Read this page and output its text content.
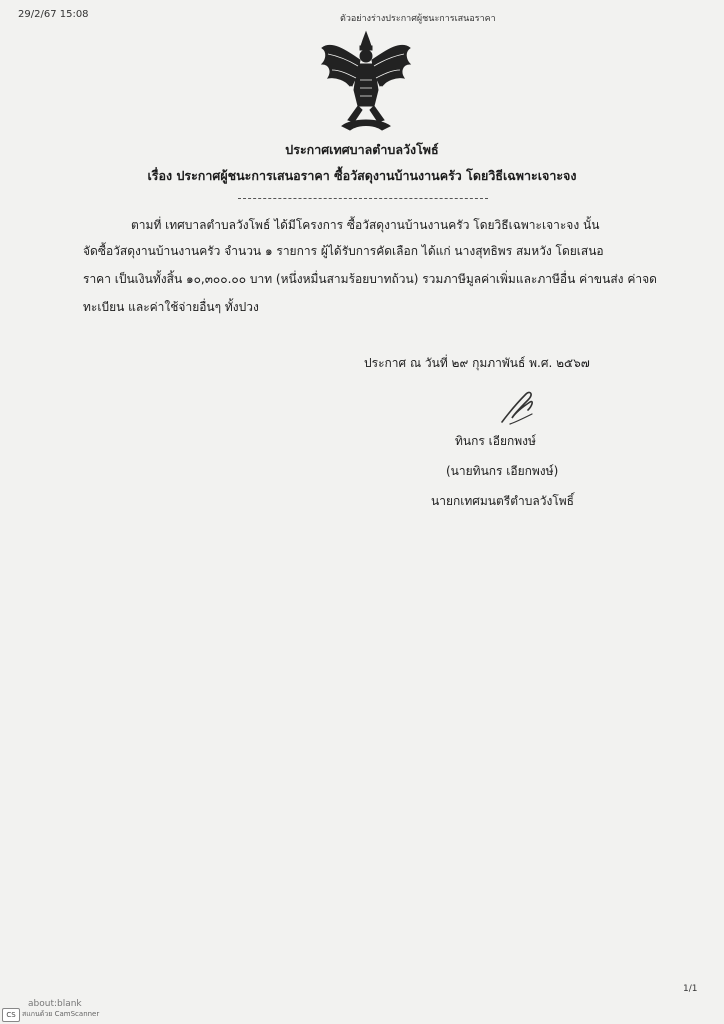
29/2/67 15:08	ตัวอย่างร่างประกาศผู้ชนะการเสนอราคา
ประกาศเทศบาลตำบลวังโพธ์
เรื่อง ประกาศผู้ชนะการเสนอราคา ซื้อวัสดุงานบ้านงานครัว โดยวิธีเฉพาะเจาะจง
ตามที่ เทศบาลตำบลวังโพธ์ ได้มีโครงการ ซื้อวัสดุงานบ้านงานครัว โดยวิธีเฉพาะเจาะจง นั้น
จัดซื้อวัสดุงานบ้านงานครัว จำนวน ๑ รายการ ผู้ได้รับการคัดเลือก ได้แก่ นางสุทธิพร สมหวัง โดยเสนอ
ราคา เป็นเงินทั้งสิ้น ๑๐,๓๐๐.๐๐ บาท (หนึ่งหมื่นสามร้อยบาทถ้วน) รวมภาษีมูลค่าเพิ่มและภาษีอื่น ค่าขนส่ง ค่าจด
ทะเบียน และค่าใช้จ่ายอื่นๆ ทั้งปวง
ประกาศ ณ วันที่ ๒๙ กุมภาพันธ์ พ.ศ. ๒๕๖๗
ทินกร เอียกพงษ์
(นายทินกร เอียกพงษ์)
นายกเทศมนตรีตำบลวังโพธิ์
1/1
about:blank
CS สแกนด้วย CamScanner
